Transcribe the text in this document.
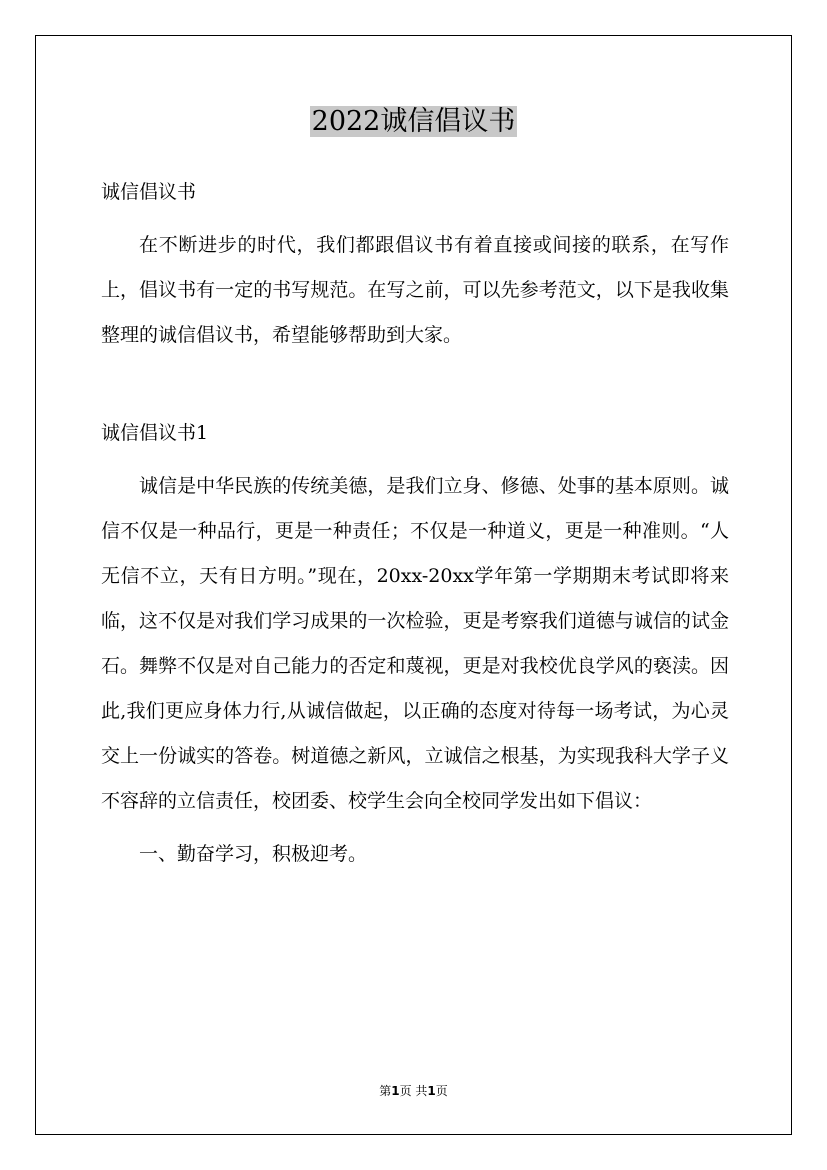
2022诚信倡议书

诚信倡议书

在不断进步的时代，我们都跟倡议书有着直接或间接的联系，在写作上，倡议书有一定的书写规范。在写之前，可以先参考范文，以下是我收集整理的诚信倡议书，希望能够帮助到大家。

诚信倡议书1

诚信是中华民族的传统美德，是我们立身、修德、处事的基本原则。诚信不仅是一种品行，更是一种责任；不仅是一种道义，更是一种准则。“人无信不立，天有日方明。”现在，20xx-20xx学年第一学期期末考试即将来临，这不仅是对我们学习成果的一次检验，更是考察我们道德与诚信的试金石。舞弊不仅是对自己能力的否定和蔑视，更是对我校优良学风的亵渎。因此,我们更应身体力行,从诚信做起，以正确的态度对待每一场考试，为心灵交上一份诚实的答卷。树道德之新风，立诚信之根基，为实现我科大学子义不容辞的立信责任，校团委、校学生会向全校同学发出如下倡议：

一、勤奋学习，积极迎考。

第1页 共1页
